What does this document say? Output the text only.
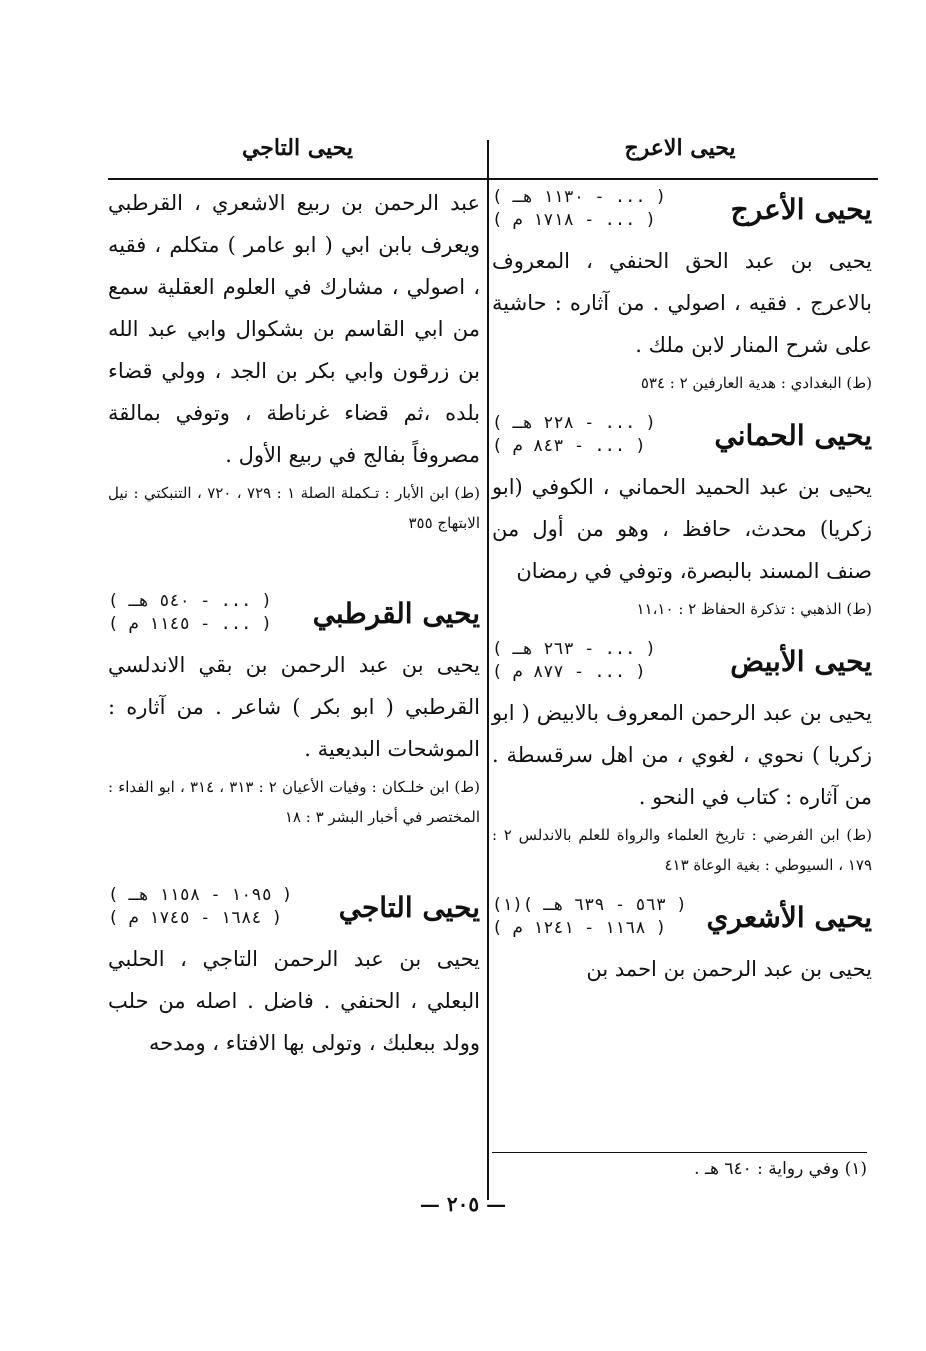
يحيى الاعرج
يحيى التاجي
يحيى الأعرج
( ... - ١١٣٠ هـ )
( ... - ١٧١٨ م )

يحيى بن عبد الحق الحنفي ، المعروف بالاعرج . فقيه ، اصولي . من آثاره : حاشية على شرح المنار لابن ملك .

(ط) البغدادي : هدية العارفين ٢ : ٥٣٤

يحيى الحماني
( ... - ٢٢٨ هـ )
( ... - ٨٤٣ م )

يحيى بن عبد الحميد الحماني ، الكوفي (ابو زكريا) محدث، حافظ ، وهو من أول من صنف المسند بالبصرة، وتوفي في رمضان

(ط) الذهبي : تذكرة الحفاظ ٢ : ١١،١٠

يحيى الأبيض
( ... - ٢٦٣ هـ )
( ... - ٨٧٧ م )

يحيى بن عبد الرحمن المعروف بالابيض ( ابو زكريا ) نحوي ، لغوي ، من اهل سرقسطة . من آثاره : كتاب في النحو .

(ط) ابن الفرضي : تاريخ العلماء والرواة للعلم بالاندلس ٢ : ١٧٩ ، السيوطي : بغية الوعاة ٤١٣

يحيى الأشعري
( ٥٦٣ - ٦٣٩ هـ )(١)
( ١١٦٨ - ١٢٤١ م )

يحيى بن عبد الرحمن بن احمد بن

عبد الرحمن بن ربيع الاشعري ، القرطبي ويعرف بابن ابي ( ابو عامر ) متكلم ، فقيه ، اصولي ، مشارك في العلوم العقلية سمع من ابي القاسم بن بشكوال وابي عبد الله بن زرقون وابي بكر بن الجد ، وولي قضاء بلده ،ثم قضاء غرناطة ، وتوفي بمالقة مصروفاً بفالج في ربيع الأول .

(ط) ابن الأبار : تـكملة الصلة ١ : ٧٢٩ ، ٧٢٠ ، التنبكتي : نيل الابتهاج ٣٥٥

يحيى القرطبي
( ... - ٥٤٠ هـ )
( ... - ١١٤٥ م )

يحيى بن عبد الرحمن بن بقي الاندلسي القرطبي ( ابو بكر ) شاعر . من آثاره : الموشحات البديعية .

(ط) ابن خلـكان : وفيات الأعيان ٢ : ٣١٣ ، ٣١٤ ، ابو الفداء : المختصر في أخبار البشر ٣ : ١٨

يحيى التاجي
( ١٠٩٥ - ١١٥٨ هـ )
( ١٦٨٤ - ١٧٤٥ م )

يحيى بن عبد الرحمن التاجي ، الحلبي البعلي ، الحنفي . فاضل . اصله من حلب وولد ببعلبك ، وتولى بها الافتاء ، ومدحه

(١) وفي رواية : ٦٤٠ هـ .
— ٢٠٥ —
